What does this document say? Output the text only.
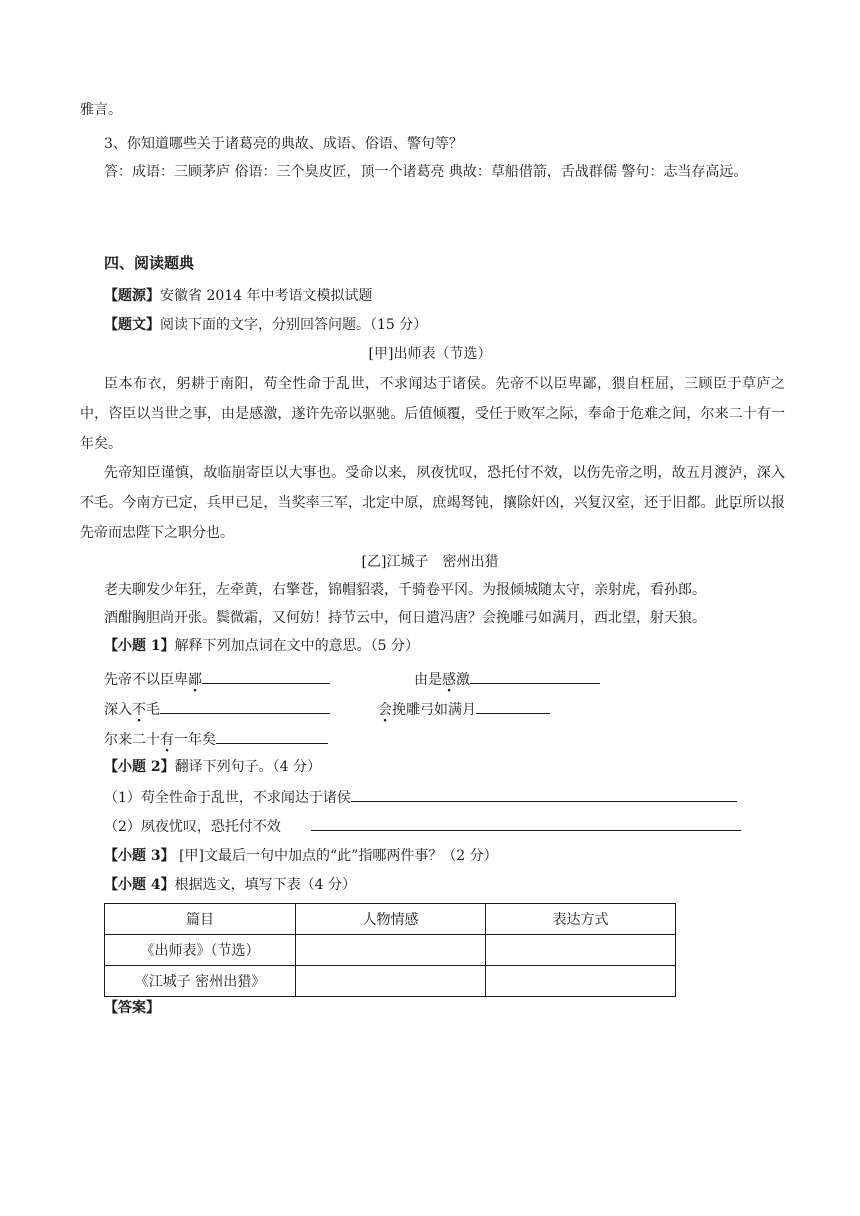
雅言。
3、你知道哪些关于诸葛亮的典故、成语、俗语、警句等？

答：成语：三顾茅庐 俗语：三个臭皮匠，顶一个诸葛亮 典故：草船借箭，舌战群儒 警句：志当存高远。

四、阅读题典
【题源】安徽省 2014 年中考语文模拟试题
【题文】阅读下面的文字，分别回答问题。（15 分）
[甲]出师表（节选）

臣本布衣，躬耕于南阳，苟全性命于乱世，不求闻达于诸侯。先帝不以臣卑鄙，猥自枉屈，三顾臣于草庐之中，咨臣以当世之事，由是感激，遂许先帝以驱驰。后值倾覆，受任于败军之际，奉命于危难之间，尔来二十有一年矣。

先帝知臣谨慎，故临崩寄臣以大事也。受命以来，夙夜忧叹，恐托付不效，以伤先帝之明，故五月渡泸，深入不毛。今南方已定，兵甲已足，当奖率三军，北定中原，庶竭驽钝，攘除奸凶，兴复汉室，还于旧都。此臣所以报先帝而忠陛下之职分也。

[乙]江城子　密州出猎
老夫聊发少年狂，左牵黄，右擎苍，锦帽貂裘，千骑卷平冈。为报倾城随太守，亲射虎，看孙郎。
酒酣胸胆尚开张。鬓微霜，又何妨！持节云中，何日遣冯唐？会挽雕弓如满月，西北望，射天狼。
【小题 1】解释下列加点词在文中的意思。（5 分）
先帝不以臣卑鄙	由是感激
深入不毛	会挽雕弓如满月
尔来二十有一年矣
【小题 2】翻译下列句子。（4 分）
（1）苟全性命于乱世，不求闻达于诸侯
（2）夙夜忧叹，恐托付不效
【小题 3】 [甲]文最后一句中加点的“此”指哪两件事？（2 分）
【小题 4】根据选文，填写下表（4 分）
篇目	人物情感	表达方式
《出师表》（节选）		
《江城子 密州出猎》		
【答案】
